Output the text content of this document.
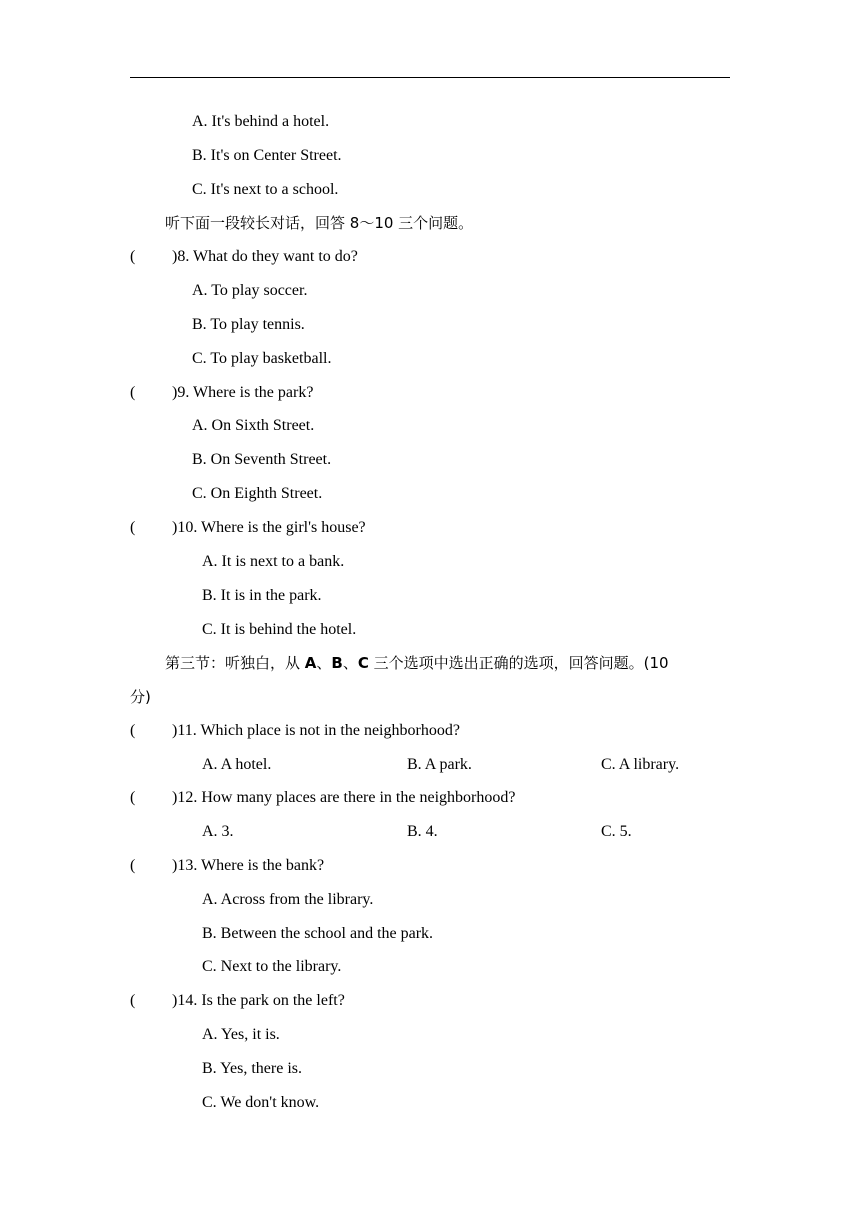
A. It's behind a hotel.
B. It's on Center Street.
C. It's next to a school.
听下面一段较长对话，回答 8～10 三个问题。
( )8. What do they want to do?
A. To play soccer.
B. To play tennis.
C. To play basketball.
( )9. Where is the park?
A. On Sixth Street.
B. On Seventh Street.
C. On Eighth Street.
( )10. Where is the girl's house?
A. It is next to a bank.
B. It is in the park.
C. It is behind the hotel.
第三节：听独白，从 A、B、C 三个选项中选出正确的选项，回答问题。(10
分)
( )11. Which place is not in the neighborhood?
A. A hotel.	B. A park.	C. A library.
( )12. How many places are there in the neighborhood?
A. 3.	B. 4.	C. 5.
( )13. Where is the bank?
A. Across from the library.
B. Between the school and the park.
C. Next to the library.
( )14. Is the park on the left?
A. Yes, it is.
B. Yes, there is.
C. We don't know.
